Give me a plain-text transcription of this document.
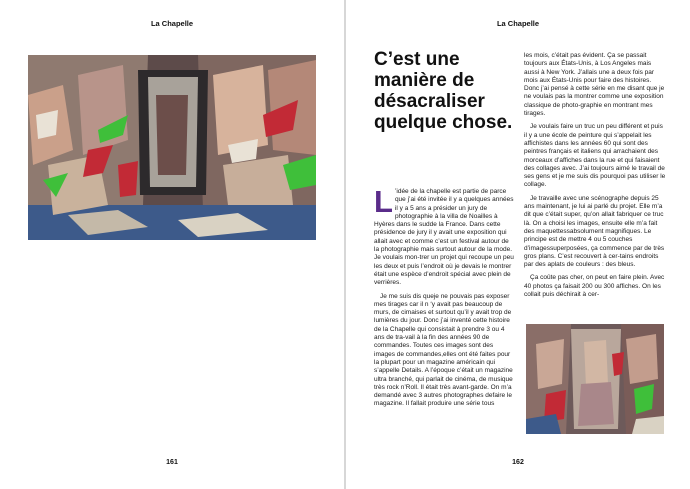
La Chapelle
161
La Chapelle
C’est une manière de désacraliser quelque chose.

L ’idée de la chapelle est partie de parce que j’ai été invitée il y a quelques années il y a 5 ans a présider un jury de photographie à la villa de Noailles à Hyères dans le sudde la France. Dans cette présidence de jury il y avait une exposition qui allait avec et comme c’est un festival autour de la photographie mais surtout autour de la mode. Je voulais mon-trer un projet qui recoupe un peu les deux et puis l’endroit où je devais le montrer était une espèce d’endroit spécial avec plein de verrières.

Je me suis dis queje ne pouvais pas exposer mes tirages car il n ‘y avait pas beaucoup de murs, de cimaises et surtout qu’il y avait trop de lumières du jour. Donc j’ai inventé cette histoire de la Chapelle qui consistait à prendre 3 ou 4 ans de tra-vail à la fin des années 90 de commandes. Toutes ces images sont des images de commandes,elles ont été faites pour la plupart pour un magazine américain qui s’appelle Details. A l’époque c’était un magazine ultra branché, qui parlait de cinéma, de musique très rock n’Roll. Il était très avant-garde. On m’a demandé avec 3 autres photographes defaire le magazine. Il fallait produire une série tous

les mois, c’était pas évident. Ça se passait toujours aux États-Unis, à Los Angeles mais aussi à New York. J’allais une a deux fois par mois aux États-Unis pour faire des histoires. Donc j’ai pensé à cette série en me disant que je ne voulais pas la montrer comme une exposition classique de photo-graphie en montrant mes tirages.

Je voulais faire un truc un peu différent et puis il y a une école de peinture qui s’appelait les affichistes dans les années 60 qui sont des peintres français et italiens qui arrachaient des morceaux d’affiches dans la rue et qui faisaient des collages avec. J’ai toujours aimé le travail de ses gens et je me suis dis pourquoi pas utiliser le collage.

Je travaille avec une scénographe depuis 25 ans maintenant, je lui ai parlé du projet. Elle m’a dit que c’était super, qu’on allait fabriquer ce truc là. On a choisi les images, ensuite elle m’a fait des maquettessabsolument magnifiques. Le principe est de mettre 4 ou 5 couches d’imagessuperposées, ça commence par de très gros plans. C’est recouvert à cer-tains endroits par des aplats de couleurs : des bleus.

Ça coûte pas cher, on peut en faire plein. Avec 40 photos ça faisait 200 ou 300 affiches. On les collait puis déchirait à cer-

162
